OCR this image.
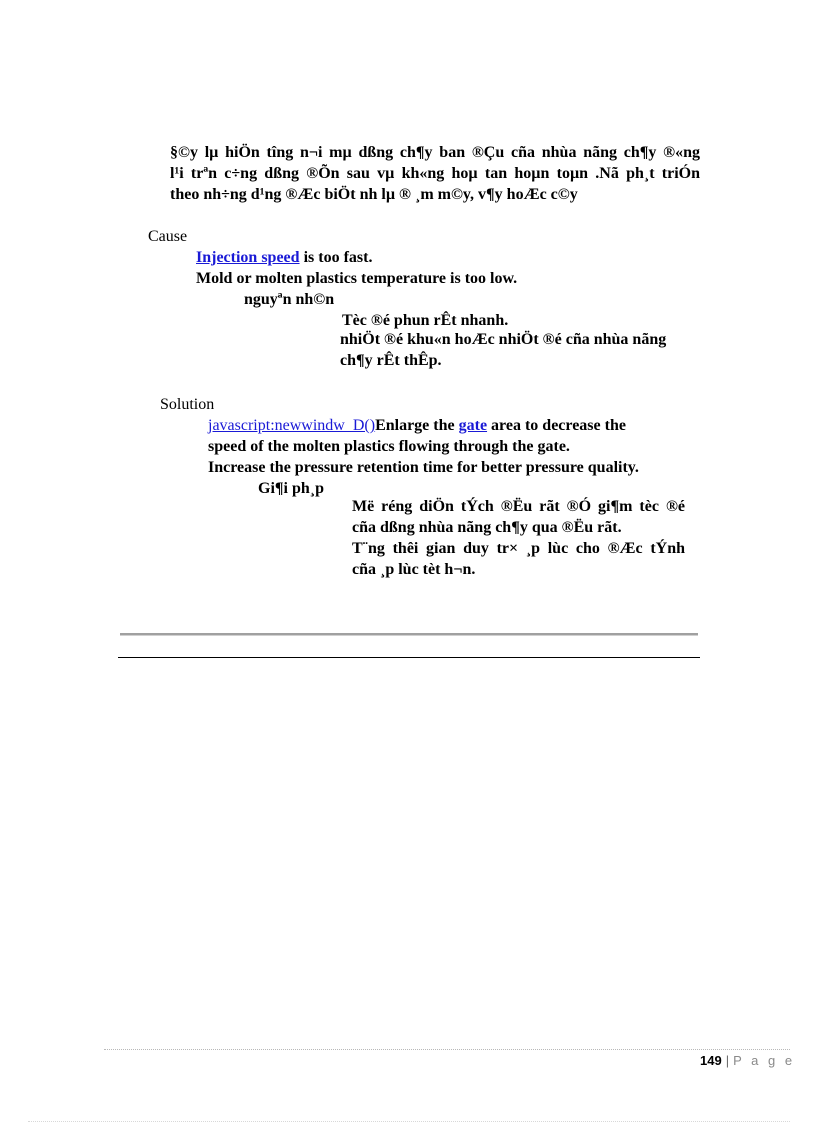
§©y lµ hiÖn tîng n¬i mµ dßng ch¶y ban ®Çu cña nhùa nãng ch¶y ®«ng
l¹i trªn c÷ng dßng ®Õn sau vµ kh«ng hoµ tan hoµn toµn .Nã ph¸t triÓn
theo nh÷ng d¹ng ®Æc biÖt nh lµ ® ¸m m©y, v¶y hoÆc c©y
Cause
Injection speed is too fast.
Mold or molten plastics temperature is too low.
nguyªn nh©n
Tèc ®é phun rÊt nhanh.
nhiÖt ®é khu«n hoÆc nhiÖt ®é cña nhùa nãng
ch¶y rÊt thÊp.
Solution
javascript:newwindw_D()Enlarge the gate area to decrease the
speed of the molten plastics flowing through the gate.
Increase the pressure retention time for better pressure quality.
Gi¶i ph¸p
Më réng diÖn tÝch ®Ëu rãt ®Ó gi¶m tèc ®é
cña dßng nhùa nãng ch¶y qua ®Ëu rãt.
T¨ng thêi gian duy tr× ¸p lùc cho ®Æc tÝnh
cña ¸p lùc tèt h¬n.
149 | P a g e
